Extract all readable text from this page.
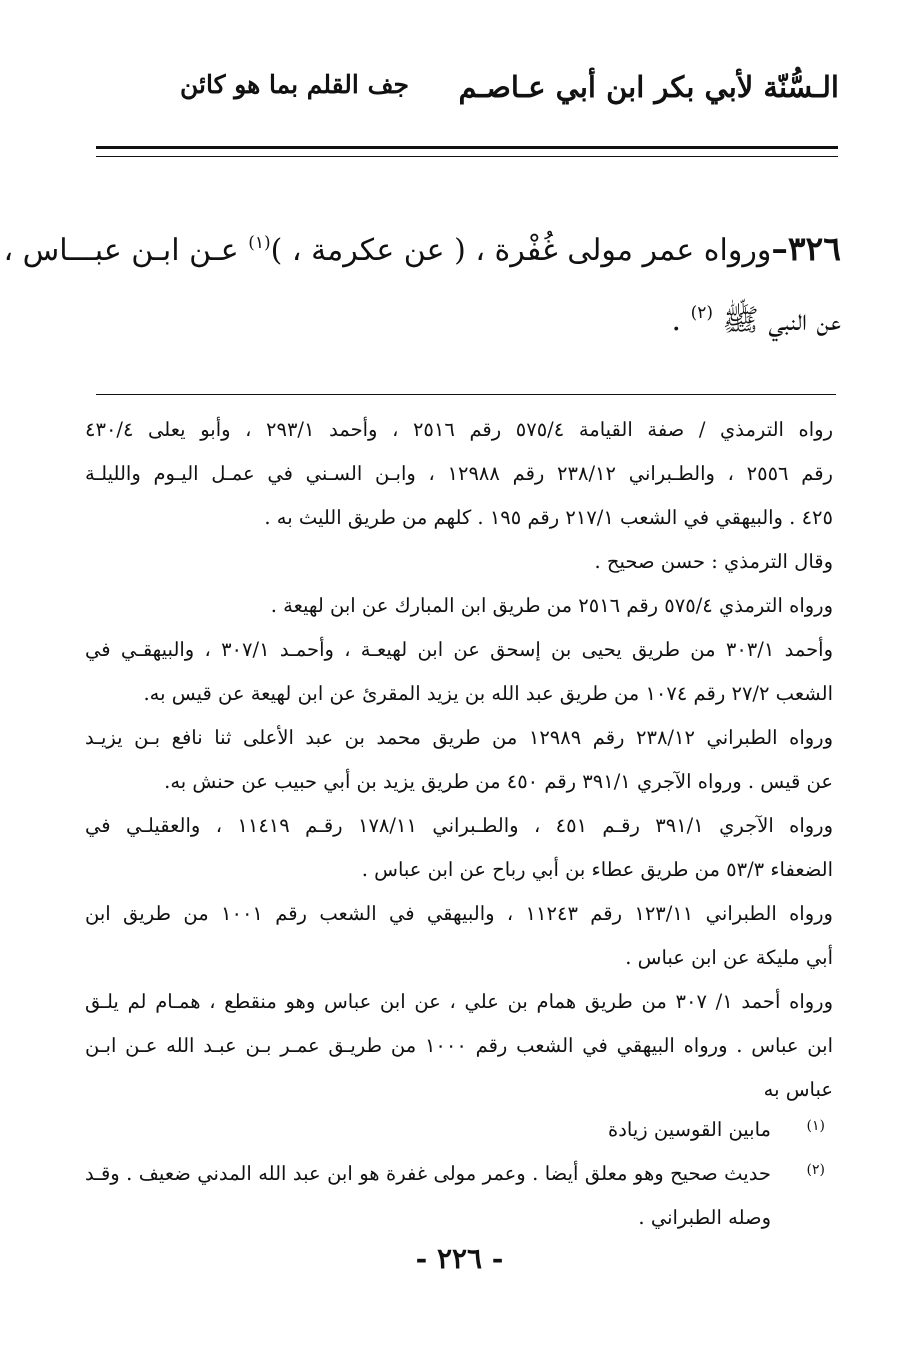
الـسُّنّة لأبي بكر ابن أبي عـاصـم
جف القلم بما هو كائن
٣٢٦–ورواه عمر مولى غُفْرة ، ( عن عكرمة ، )$^{(١)}$ عـن ابـن عبـــاس ،
عن النبي ﷺ $^{(٢)}$ .
رواه الترمذي / صفة القيامة ٥٧٥/٤ رقم ٢٥١٦ ، وأحمد ٢٩٣/١ ، وأبو يعلى ٤٣٠/٤
رقم ٢٥٥٦ ، والطـبراني ٢٣٨/١٢ رقم ١٢٩٨٨ ، وابـن السـني في عمـل اليـوم والليلـة
٤٢٥ . والبيهقي في الشعب ٢١٧/١ رقم ١٩٥ . كلهم من طريق الليث به .
وقال الترمذي : حسن صحيح .
ورواه الترمذي ٥٧٥/٤ رقم ٢٥١٦ من طريق ابن المبارك عن ابن لهيعة .
وأحمد ٣٠٣/١ من طريق يحيى بن إسحق عن ابن لهيعـة ، وأحمـد ٣٠٧/١ ، والبيهقـي في
الشعب ٢٧/٢ رقم ١٠٧٤ من طريق عبد الله بن يزيد المقرئ عن ابن لهيعة عن قيس به.
ورواه الطبراني ٢٣٨/١٢ رقم ١٢٩٨٩ من طريق محمد بن عبد الأعلى ثنا نافع بـن يزيـد
عن قيس . ورواه الآجري ٣٩١/١ رقم ٤٥٠ من طريق يزيد بن أبي حبيب عن حنش به.
ورواه الآجري ٣٩١/١ رقـم ٤٥١ ، والطـبراني ١٧٨/١١ رقـم ١١٤١٩ ، والعقيلـي في
الضعفاء ٥٣/٣ من طريق عطاء بن أبي رباح عن ابن عباس .
ورواه الطبراني ١٢٣/١١ رقم ١١٢٤٣ ، والبيهقي في الشعب رقم ١٠٠١ من طريق ابن
أبي مليكة عن ابن عباس .
ورواه أحمد ١/ ٣٠٧ من طريق همام بن علي ، عن ابن عباس وهو منقطع ، همـام لم يلـق
ابن عباس . ورواه البيهقي في الشعب رقم ١٠٠٠ من طريـق عمـر بـن عبـد الله عـن ابـن
عباس به
(١)
مابين القوسين زيادة
(٢)
حديث صحيح وهو معلق أيضا . وعمر مولى غفرة هو ابن عبد الله المدني ضعيف . وقـد
وصله الطبراني .
- ٢٢٦ -
